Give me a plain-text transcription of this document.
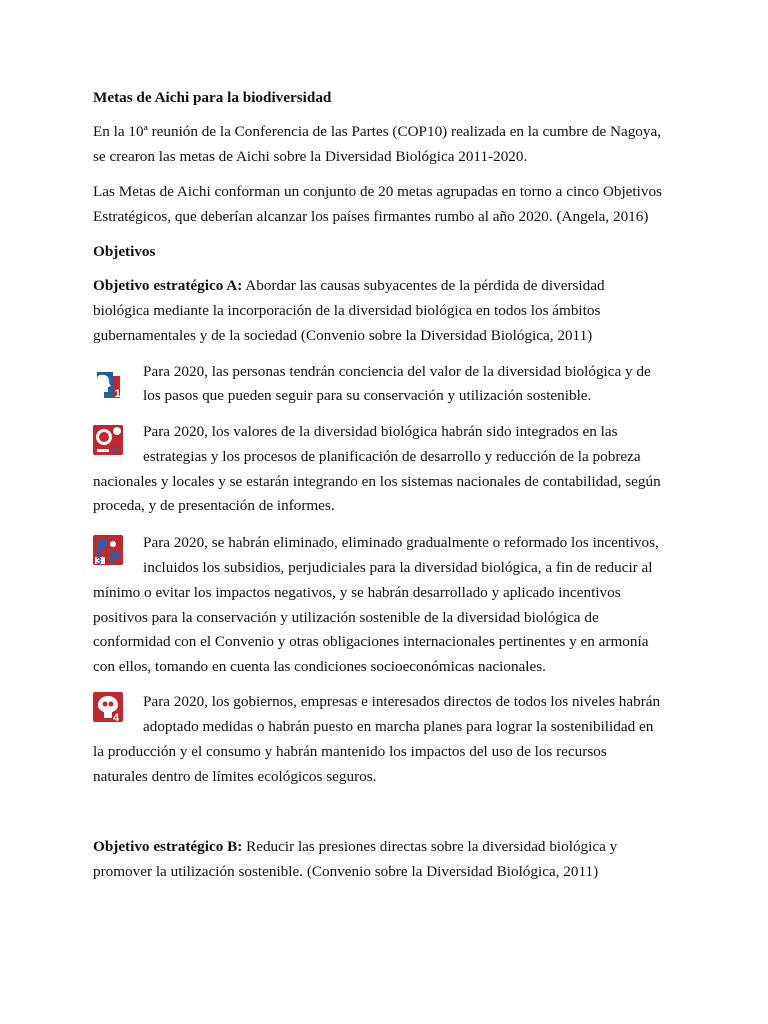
Metas de Aichi para la biodiversidad
En la 10ª reunión de la Conferencia de las Partes (COP10) realizada en la cumbre de Nagoya,
se crearon las metas de Aichi sobre la Diversidad Biológica 2011-2020.
Las Metas de Aichi conforman un conjunto de 20 metas agrupadas en torno a cinco Objetivos
Estratégicos, que deberían alcanzar los países firmantes rumbo al año 2020. (Angela, 2016)
Objetivos
Objetivo estratégico A: Abordar las causas subyacentes de la pérdida de diversidad
biológica mediante la incorporación de la diversidad biológica en todos los ámbitos
gubernamentales y de la sociedad (Convenio sobre la Diversidad Biológica, 2011)
1
Para 2020, las personas tendrán conciencia del valor de la diversidad biológica y de
los pasos que pueden seguir para su conservación y utilización sostenible.
2
Para 2020, los valores de la diversidad biológica habrán sido integrados en las
estrategias y los procesos de planificación de desarrollo y reducción de la pobreza
nacionales y locales y se estarán integrando en los sistemas nacionales de contabilidad, según
proceda, y de presentación de informes.
3
Para 2020, se habrán eliminado, eliminado gradualmente o reformado los incentivos,
incluidos los subsidios, perjudiciales para la diversidad biológica, a fin de reducir al
mínimo o evitar los impactos negativos, y se habrán desarrollado y aplicado incentivos
positivos para la conservación y utilización sostenible de la diversidad biológica de
conformidad con el Convenio y otras obligaciones internacionales pertinentes y en armonía
con ellos, tomando en cuenta las condiciones socioeconómicas nacionales.
4
Para 2020, los gobiernos, empresas e interesados directos de todos los niveles habrán
adoptado medidas o habrán puesto en marcha planes para lograr la sostenibilidad en
la producción y el consumo y habrán mantenido los impactos del uso de los recursos
naturales dentro de límites ecológicos seguros.
Objetivo estratégico B: Reducir las presiones directas sobre la diversidad biológica y
promover la utilización sostenible. (Convenio sobre la Diversidad Biológica, 2011)
